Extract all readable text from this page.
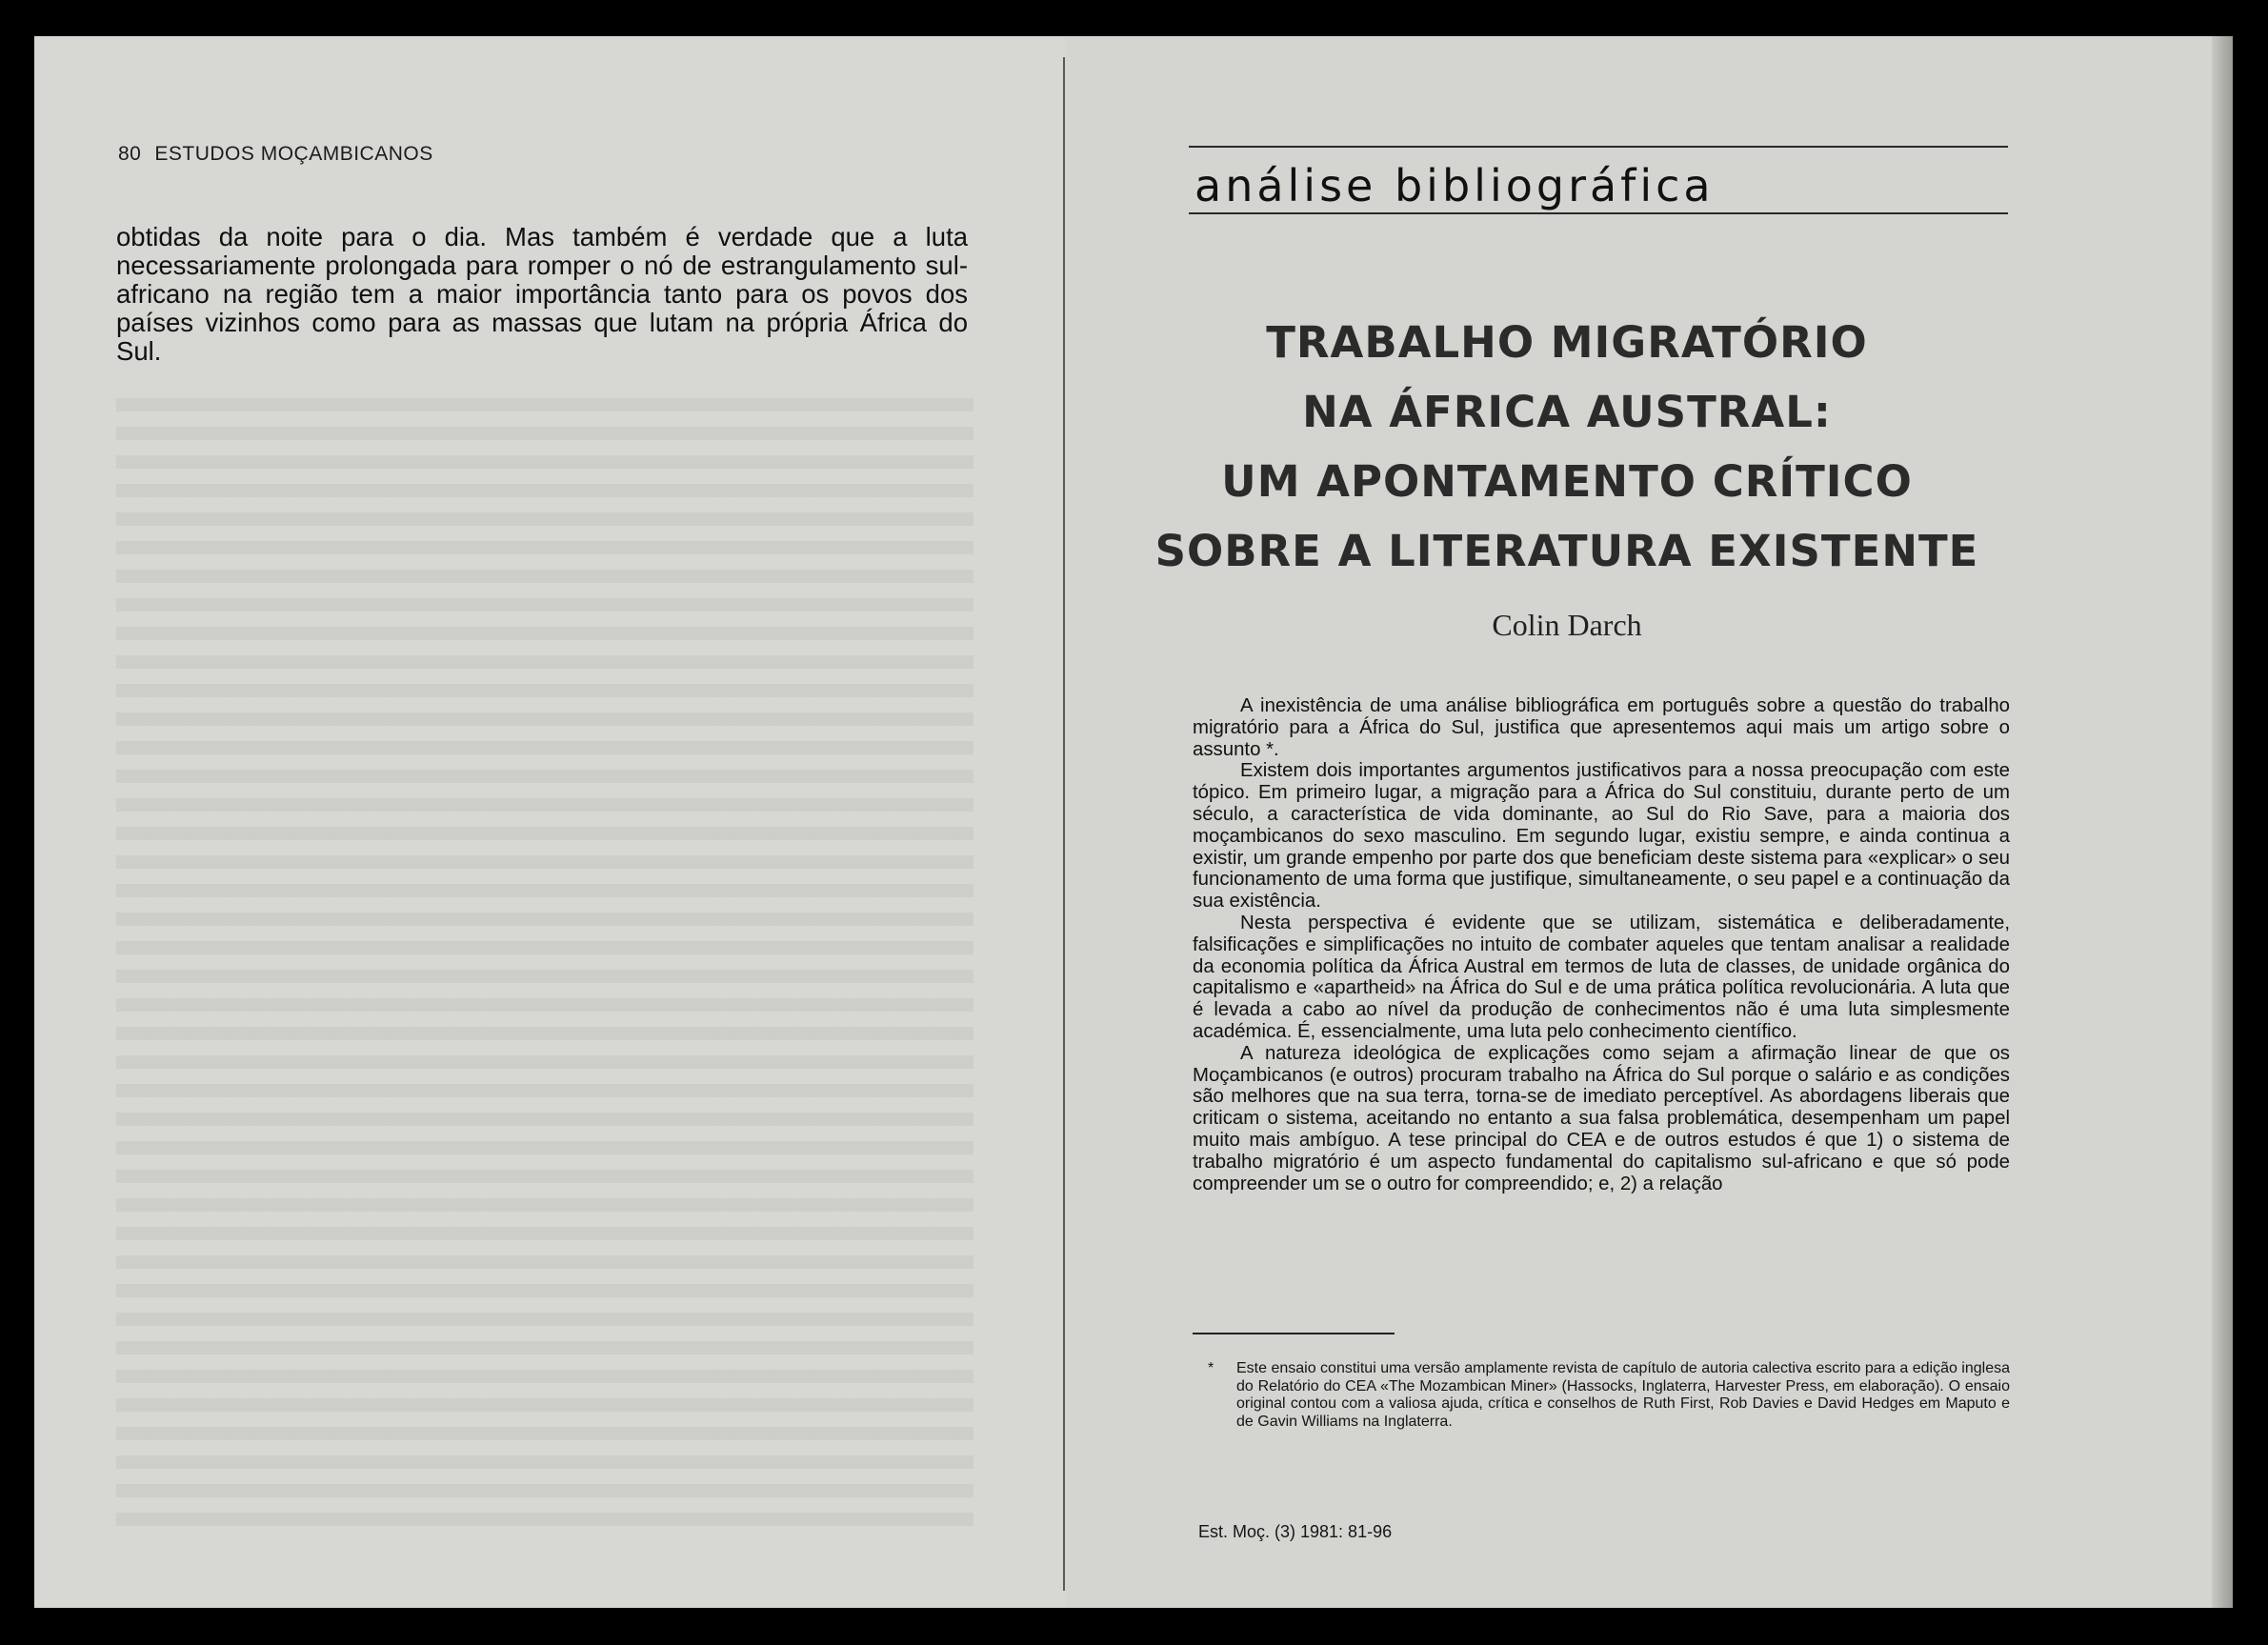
80 ESTUDOS MOÇAMBICANOS

obtidas da noite para o dia. Mas também é verdade que a luta necessariamente prolongada para romper o nó de estrangulamento sul-africano na região tem a maior importância tanto para os povos dos países vizinhos como para as massas que lutam na própria África do Sul.

análise bibliográfica
TRABALHO MIGRATÓRIO
NA ÁFRICA AUSTRAL:
UM APONTAMENTO CRÍTICO
SOBRE A LITERATURA EXISTENTE
Colin Darch

A inexistência de uma análise bibliográfica em português sobre a questão do trabalho migratório para a África do Sul, justifica que apresentemos aqui mais um artigo sobre o assunto *.

Existem dois importantes argumentos justificativos para a nossa preocupação com este tópico. Em primeiro lugar, a migração para a África do Sul constituiu, durante perto de um século, a característica de vida dominante, ao Sul do Rio Save, para a maioria dos moçambicanos do sexo masculino. Em segundo lugar, existiu sempre, e ainda continua a existir, um grande empenho por parte dos que beneficiam deste sistema para «explicar» o seu funcionamento de uma forma que justifique, simultaneamente, o seu papel e a continuação da sua existência.

Nesta perspectiva é evidente que se utilizam, sistemática e deliberadamente, falsificações e simplificações no intuito de combater aqueles que tentam analisar a realidade da economia política da África Austral em termos de luta de classes, de unidade orgânica do capitalismo e «apartheid» na África do Sul e de uma prática política revolucionária. A luta que é levada a cabo ao nível da produção de conhecimentos não é uma luta simplesmente académica. É, essencialmente, uma luta pelo conhecimento científico.

A natureza ideológica de explicações como sejam a afirmação linear de que os Moçambicanos (e outros) procuram trabalho na África do Sul porque o salário e as condições são melhores que na sua terra, torna-se de imediato perceptível. As abordagens liberais que criticam o sistema, aceitando no entanto a sua falsa problemática, desempenham um papel muito mais ambíguo. A tese principal do CEA e de outros estudos é que 1) o sistema de trabalho migratório é um aspecto fundamental do capitalismo sul-africano e que só pode compreender um se o outro for compreendido; e, 2) a relação

* Este ensaio constitui uma versão amplamente revista de capítulo de autoria calectiva escrito para a edição inglesa do Relatório do CEA «The Mozambican Miner» (Hassocks, Inglaterra, Harvester Press, em elaboração). O ensaio original contou com a valiosa ajuda, crítica e conselhos de Ruth First, Rob Davies e David Hedges em Maputo e de Gavin Williams na Inglaterra.
Est. Moç. (3) 1981: 81-96
